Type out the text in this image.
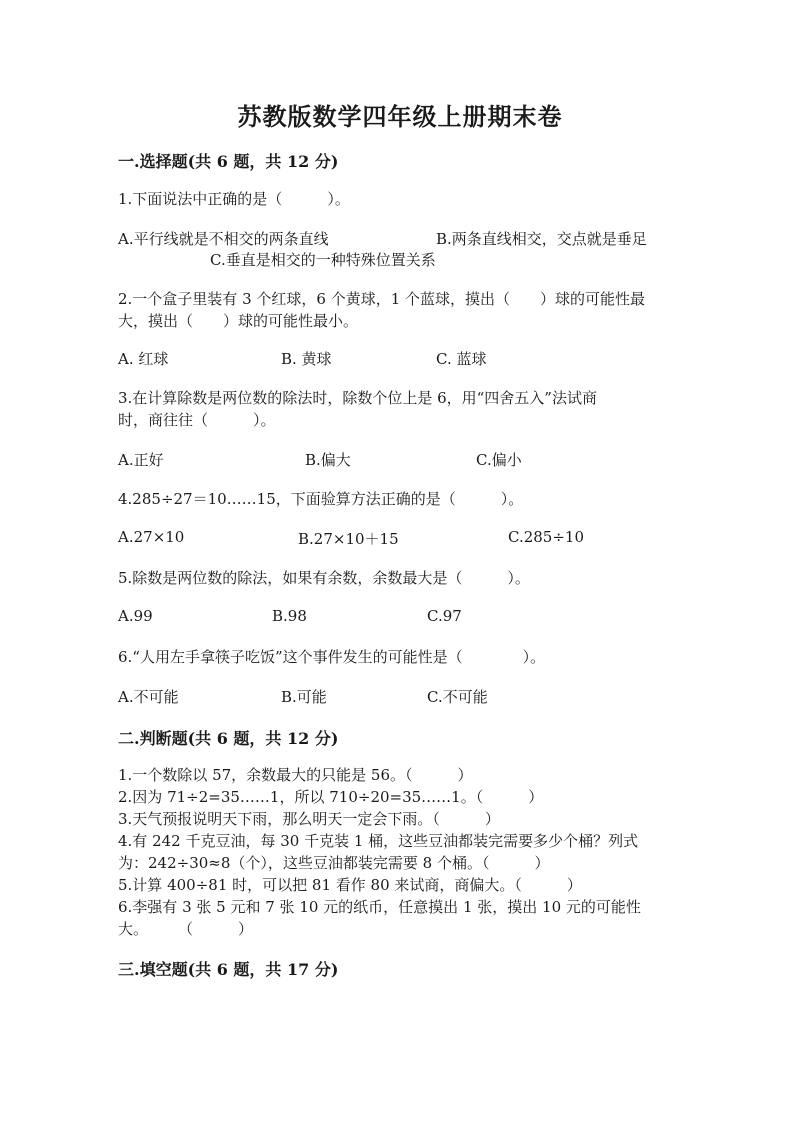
苏教版数学四年级上册期末卷
一.选择题(共 6 题，共 12 分)
1.下面说法中正确的是（　　　）。
A.平行线就是不相交的两条直线	B.两条直线相交，交点就是垂足
C.垂直是相交的一种特殊位置关系
2.一个盒子里装有 3 个红球，6 个黄球，1 个蓝球，摸出（　　）球的可能性最
大，摸出（　　）球的可能性最小。
A. 红球	B. 黄球	C. 蓝球
3.在计算除数是两位数的除法时，除数个位上是 6，用“四舍五入”法试商
时，商往往（　　　）。
A.正好	B.偏大	C.偏小
4.285÷27＝10……15，下面验算方法正确的是（　　　）。
A.27×10	B.27×10＋15	C.285÷10
5.除数是两位数的除法，如果有余数，余数最大是（　　　）。
A.99	B.98	C.97
6.“人用左手拿筷子吃饭”这个事件发生的可能性是（　　　　）。
A.不可能	B.可能	C.不可能
二.判断题(共 6 题，共 12 分)
1.一个数除以 57，余数最大的只能是 56。（　　　）
2.因为 71÷2=35……1，所以 710÷20=35……1。（　　　）
3.天气预报说明天下雨，那么明天一定会下雨。（　　　）
4.有 242 千克豆油，每 30 千克装 1 桶，这些豆油都装完需要多少个桶？列式
为：242÷30≈8（个），这些豆油都装完需要 8 个桶。（　　　）
5.计算 400÷81 时，可以把 81 看作 80 来试商，商偏大。（　　　）
6.李强有 3 张 5 元和 7 张 10 元的纸币，任意摸出 1 张，摸出 10 元的可能性
大。　　　（　　　）
三.填空题(共 6 题，共 17 分)
